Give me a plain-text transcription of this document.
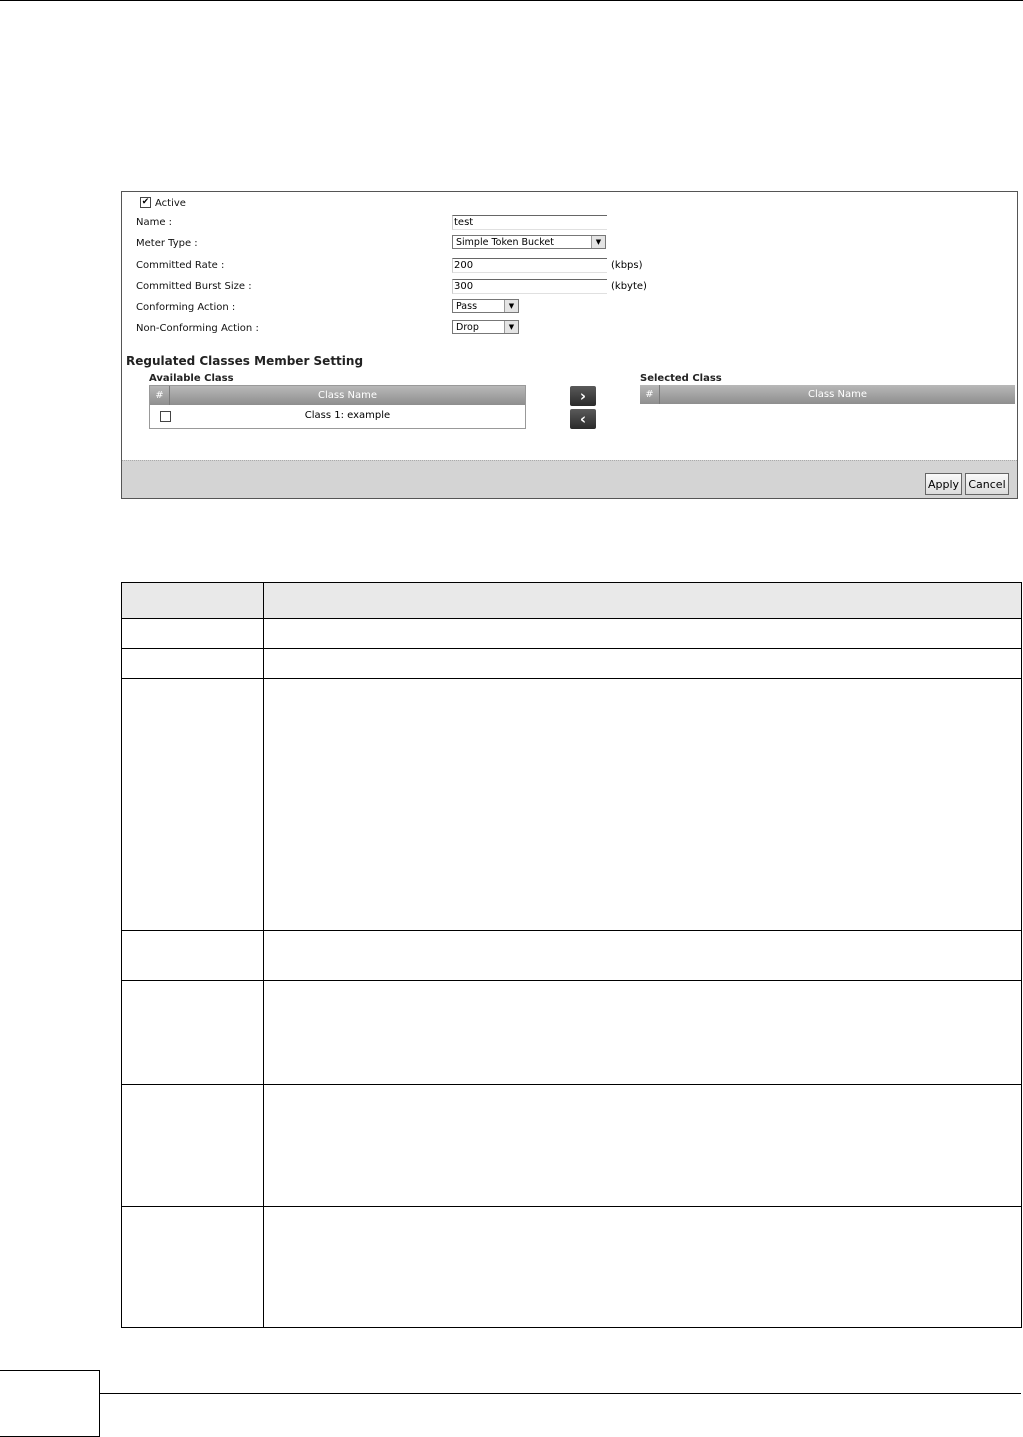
✔ Active
Name :	test
Meter Type :	Simple Token Bucket	▼
Committed Rate :	200	(kbps)
Committed Burst Size :	300	(kbyte)
Conforming Action :	Pass	▼
Non-Conforming Action :	Drop	▼
Regulated Classes Member Setting
Available Class	Selected Class
#	Class Name
Class 1: example
›
‹
#	Class Name
Apply Cancel
